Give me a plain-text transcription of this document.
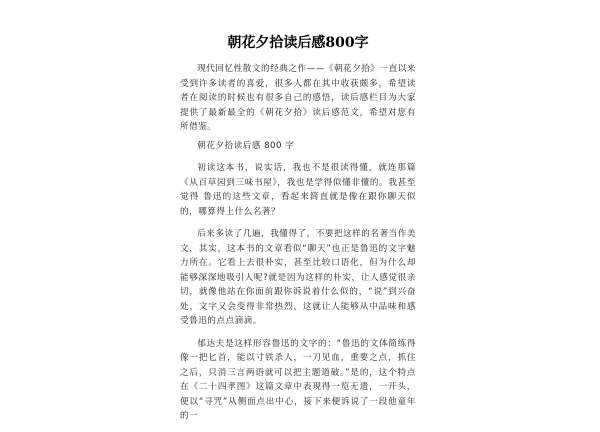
朝花夕拾读后感800字

现代回忆性散文的经典之作——《朝花夕拾》一直以来受到许多读者的喜爱，很多人都在其中收获颇多，希望读者在阅读的时候也有很多自己的感悟，读后感栏目为大家提供了最新最全的《朝花夕拾》读后感范文，希望对您有所借鉴。

朝花夕拾读后感 800 字

初读这本书，说实话，我也不是很读得懂，就连那篇《从百草园到三味书屋》，我也是学得似懂非懂的。我甚至觉得 鲁迅的这些文章，看起来简直就是像在跟你聊天似的，哪算得上什么名著？

后来多读了几遍，我懂得了，不要把这样的名著当作美文，其实，这本书的文章看似“聊天”也正是鲁迅的文字魅力所在。它看上去很朴实，甚至比较口语化，但为什么却能够深深地吸引人呢?就是因为这样的朴实，让人感觉很亲切，就像他站在你面前跟你诉说着什么似的，“说”到兴奋处，文字又会变得非常热烈，这就让人能够从中品味和感受鲁迅的点点滴滴。

郁达夫是这样形容鲁迅的文字的：“鲁迅的文体简练得像一把匕首，能以寸铁杀人，一刀见血，重要之点，抓住之后，只消三言两语就可以把主题道破。”是的，这个特点在《二十四孝图》这篇文章中表现得一览无遗，一开头，便以“寻咒”从侧面点出中心，接下来便诉说了一段他童年的一
